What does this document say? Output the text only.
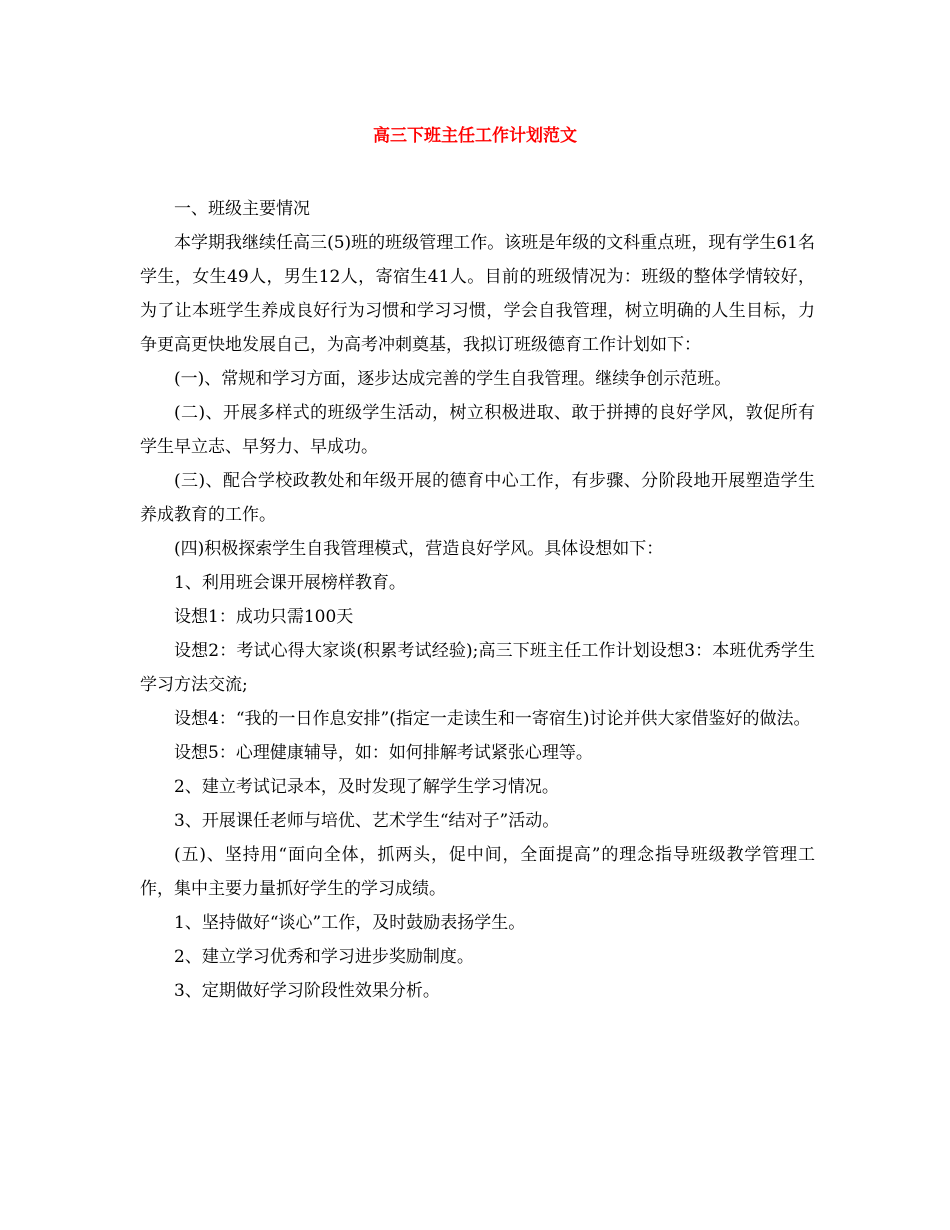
高三下班主任工作计划范文

一、班级主要情况

本学期我继续任高三(5)班的班级管理工作。该班是年级的文科重点班，现有学生61名学生，女生49人，男生12人，寄宿生41人。目前的班级情况为：班级的整体学情较好，为了让本班学生养成良好行为习惯和学习习惯，学会自我管理，树立明确的人生目标，力争更高更快地发展自己，为高考冲刺奠基，我拟订班级德育工作计划如下：

(一)、常规和学习方面，逐步达成完善的学生自我管理。继续争创示范班。

(二)、开展多样式的班级学生活动，树立积极进取、敢于拼搏的良好学风，敦促所有学生早立志、早努力、早成功。

(三)、配合学校政教处和年级开展的德育中心工作，有步骤、分阶段地开展塑造学生养成教育的工作。

(四)积极探索学生自我管理模式，营造良好学风。具体设想如下：

1、利用班会课开展榜样教育。

设想1：成功只需100天

设想2：考试心得大家谈(积累考试经验);高三下班主任工作计划设想3：本班优秀学生学习方法交流;

设想4：“我的一日作息安排”(指定一走读生和一寄宿生)讨论并供大家借鉴好的做法。

设想5：心理健康辅导，如：如何排解考试紧张心理等。

2、建立考试记录本，及时发现了解学生学习情况。

3、开展课任老师与培优、艺术学生“结对子”活动。

(五)、坚持用“面向全体，抓两头，促中间，全面提高”的理念指导班级教学管理工作，集中主要力量抓好学生的学习成绩。

1、坚持做好“谈心”工作，及时鼓励表扬学生。

2、建立学习优秀和学习进步奖励制度。

3、定期做好学习阶段性效果分析。
